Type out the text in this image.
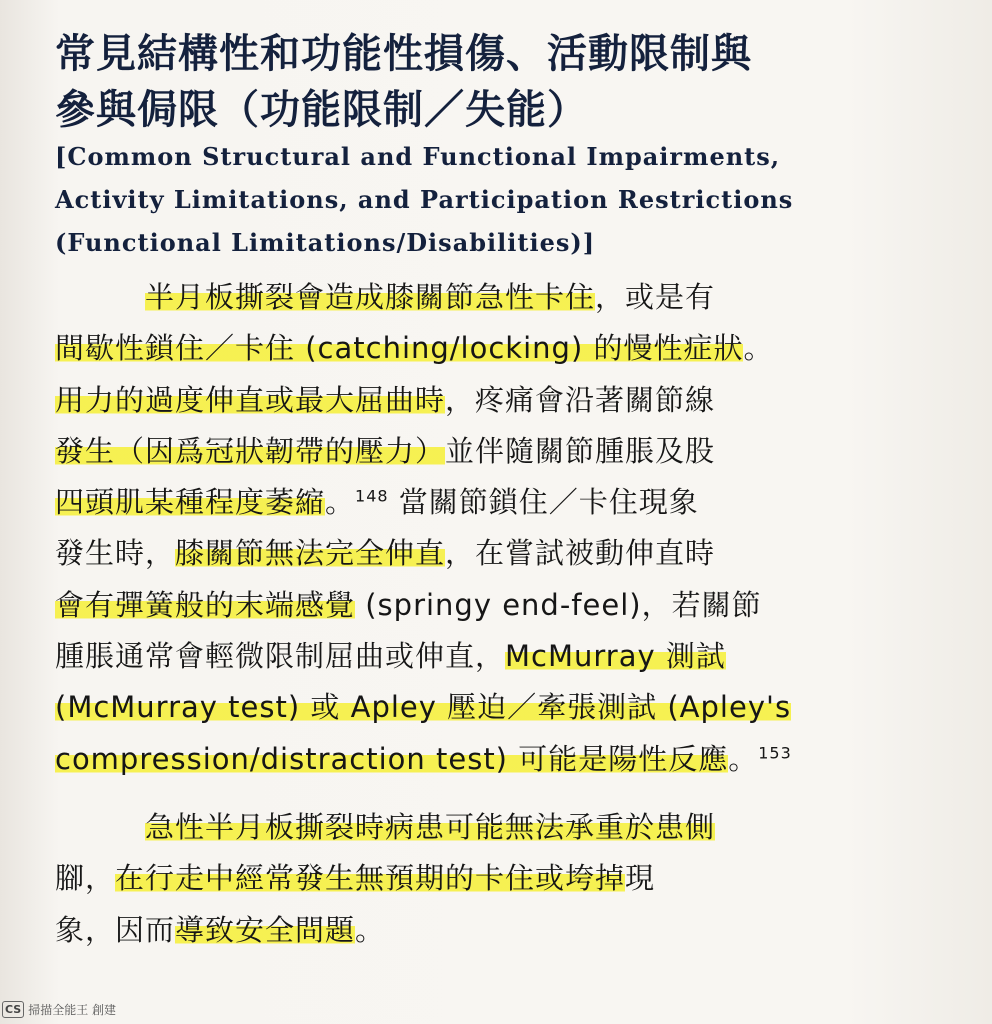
常見結構性和功能性損傷、活動限制與
參與侷限（功能限制／失能）
[Common Structural and Functional Impairments,
Activity Limitations, and Participation Restrictions
(Functional Limitations/Disabilities)]
半月板撕裂會造成膝關節急性卡住，或是有
間歇性鎖住／卡住 (catching/locking) 的慢性症狀。
用力的過度伸直或最大屈曲時，疼痛會沿著關節線
發生（因爲冠狀韌帶的壓力）並伴隨關節腫脹及股
四頭肌某種程度萎縮。$^{148}$ 當關節鎖住／卡住現象
發生時，膝關節無法完全伸直，在嘗試被動伸直時
會有彈簧般的末端感覺 (springy end-feel)，若關節
腫脹通常會輕微限制屈曲或伸直，McMurray 測試
(McMurray test) 或 Apley 壓迫／牽張測試 (Apley's
compression/distraction test) 可能是陽性反應。$^{153}$
急性半月板撕裂時病患可能無法承重於患側
腳，在行走中經常發生無預期的卡住或垮掉現
象，因而導致安全問題。
CS 掃描全能王 創建
